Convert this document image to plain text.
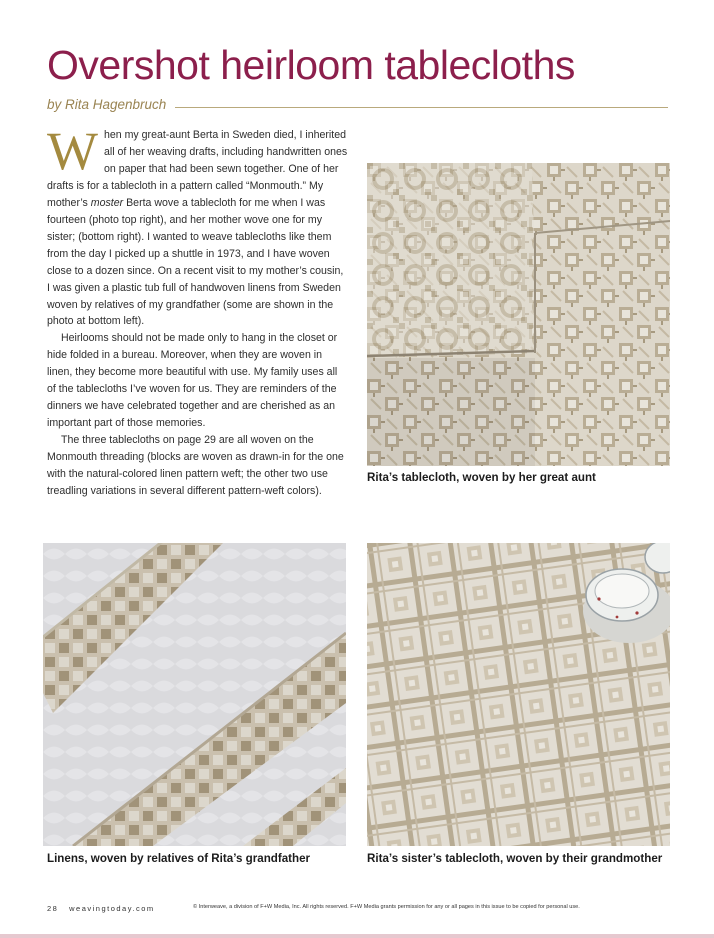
Overshot heirloom tablecloths
by Rita Hagenbruch

When my great-aunt Berta in Sweden died, I inherited all of her weaving drafts, including handwritten ones on paper that had been sewn together. One of her drafts is for a tablecloth in a pattern called “Monmouth.” My mother’s moster Berta wove a tablecloth for me when I was fourteen (photo top right), and her mother wove one for my sister; (bottom right). I wanted to weave tablecloths like them from the day I picked up a shuttle in 1973, and I have woven close to a dozen since. On a recent visit to my mother’s cousin, I was given a plastic tub full of handwoven linens from Sweden woven by relatives of my grandfather (some are shown in the photo at bottom left).

Heirlooms should not be made only to hang in the closet or hide folded in a bureau. Moreover, when they are woven in linen, they become more beautiful with use. My family uses all of the tablecloths I’ve woven for us. They are reminders of the dinners we have celebrated together and are cherished as an important part of those memories.

The three tablecloths on page 29 are all woven on the Monmouth threading (blocks are woven as drawn-in for the one with the natural-colored linen pattern weft; the other two use treadling variations in several different pattern-weft colors).

Rita’s tablecloth, woven by her great aunt
Linens, woven by relatives of Rita’s grandfather	Rita’s sister’s tablecloth, woven by their grandmother
28 weavingtoday.com	© Interweave, a division of F+W Media, Inc. All rights reserved. F+W Media grants permission for any or all pages in this issue to be copied for personal use.
